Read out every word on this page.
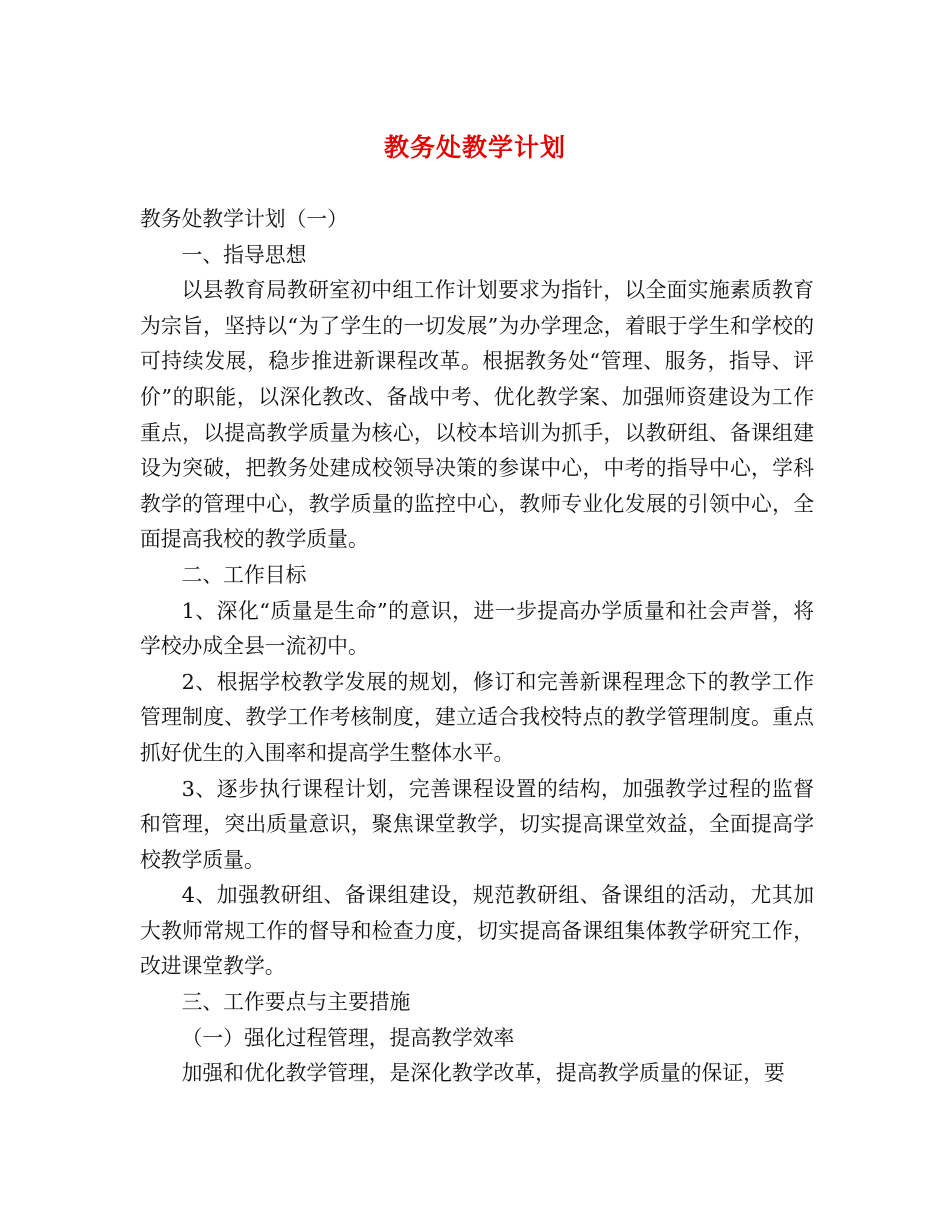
教务处教学计划

教务处教学计划（一）

一、指导思想

以县教育局教研室初中组工作计划要求为指针，以全面实施素质教育为宗旨，坚持以“为了学生的一切发展”为办学理念，着眼于学生和学校的可持续发展，稳步推进新课程改革。根据教务处“管理、服务，指导、评价”的职能，以深化教改、备战中考、优化教学案、加强师资建设为工作重点，以提高教学质量为核心，以校本培训为抓手，以教研组、备课组建设为突破，把教务处建成校领导决策的参谋中心，中考的指导中心，学科教学的管理中心，教学质量的监控中心，教师专业化发展的引领中心，全面提高我校的教学质量。

二、工作目标

1、深化“质量是生命”的意识，进一步提高办学质量和社会声誉，将学校办成全县一流初中。

2、根据学校教学发展的规划，修订和完善新课程理念下的教学工作管理制度、教学工作考核制度，建立适合我校特点的教学管理制度。重点抓好优生的入围率和提高学生整体水平。

3、逐步执行课程计划，完善课程设置的结构，加强教学过程的监督和管理，突出质量意识，聚焦课堂教学，切实提高课堂效益，全面提高学校教学质量。

4、加强教研组、备课组建设，规范教研组、备课组的活动，尤其加大教师常规工作的督导和检查力度，切实提高备课组集体教学研究工作，改进课堂教学。

三、工作要点与主要措施

（一）强化过程管理，提高教学效率

加强和优化教学管理，是深化教学改革，提高教学质量的保证，要
